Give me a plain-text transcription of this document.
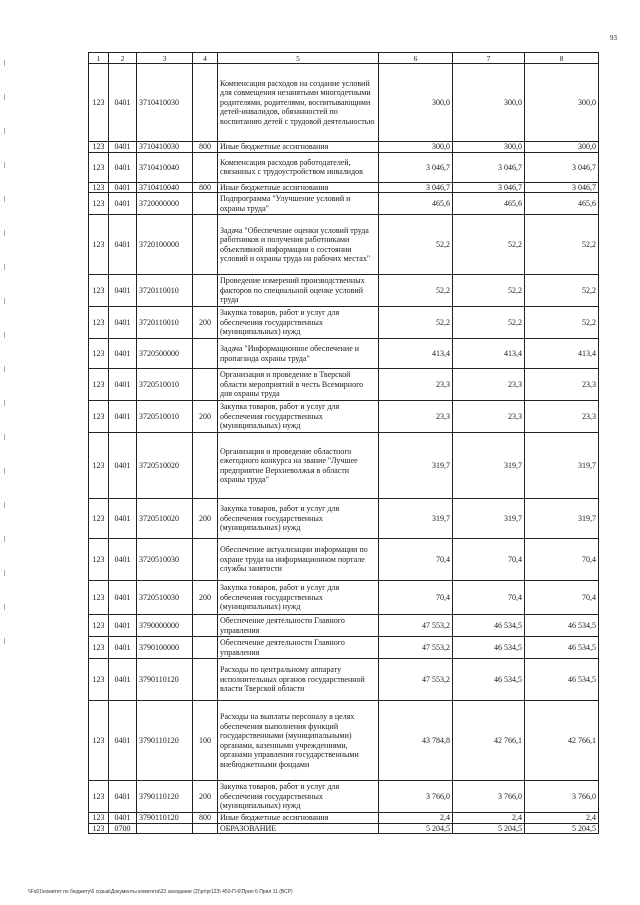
93
1	2	3	4	5	6	7	8
123	0401	3710410030		Компенсация расходов на создание условий для совмещения незанятыми многодетными родителями, родителями, воспитывающими детей-инвалидов, обязанностей по воспитанию детей с трудовой деятельностью	300,0	300,0	300,0
123	0401	3710410030	800	Иные бюджетные ассигнования	300,0	300,0	300,0
123	0401	3710410040		Компенсация расходов работодателей, связанных с трудоустройством инвалидов	3 046,7	3 046,7	3 046,7
123	0401	3710410040	800	Иные бюджетные ассигнования	3 046,7	3 046,7	3 046,7
123	0401	3720000000		Подпрограмма "Улучшение условий и охраны труда"	465,6	465,6	465,6
123	0401	3720100000		Задача "Обеспечение оценки условий труда работников и получения работниками объективной информации о состоянии условий и охраны труда на рабочих местах"	52,2	52,2	52,2
123	0401	3720110010		Проведение измерений производственных факторов по специальной оценке условий труда	52,2	52,2	52,2
123	0401	3720110010	200	Закупка товаров, работ и услуг для обеспечения государственных (муниципальных) нужд	52,2	52,2	52,2
123	0401	3720500000		Задача "Информационное обеспечение и пропаганда охраны труда"	413,4	413,4	413,4
123	0401	3720510010		Организация и проведение в Тверской области мероприятий в честь Всемирного дня охраны труда	23,3	23,3	23,3
123	0401	3720510010	200	Закупка товаров, работ и услуг для обеспечения государственных (муниципальных) нужд	23,3	23,3	23,3
123	0401	3720510020		Организация и проведение областного ежегодного конкурса на звание "Лучшее предприятие Верхневолжья в области охраны труда"	319,7	319,7	319,7
123	0401	3720510020	200	Закупка товаров, работ и услуг для обеспечения государственных (муниципальных) нужд	319,7	319,7	319,7
123	0401	3720510030		Обеспечение актуализации информации по охране труда на информационном портале службы занятости	70,4	70,4	70,4
123	0401	3720510030	200	Закупка товаров, работ и услуг для обеспечения государственных (муниципальных) нужд	70,4	70,4	70,4
123	0401	3790000000		Обеспечение деятельности Главного управления	47 553,2	46 534,5	46 534,5
123	0401	3790100000		Обеспечение деятельности Главного управления	47 553,2	46 534,5	46 534,5
123	0401	3790110120		Расходы по центральному аппарату исполнительных органов государственной власти Тверской области	47 553,2	46 534,5	46 534,5
123	0401	3790110120	100	Расходы на выплаты персоналу в целях обеспечения выполнения функций государственными (муниципальными) органами, казенными учреждениями, органами управления государственными внебюджетными фондами	43 784,8	42 766,1	42 766,1
123	0401	3790110120	200	Закупка товаров, работ и услуг для обеспечения государственных (муниципальных) нужд	3 766,0	3 766,0	3 766,0
123	0401	3790110120	800	Иные бюджетные ассигнования	2,4	2,4	2,4
123	0700			ОБРАЗОВАНИЕ	5 204,5	5 204,5	5 204,5
\\Fs01\комитет по бюджету\6 созыв\Документы комитета\23 заседание (2)\pr\pr123\ 450-П-6\Прил 6 Прил 11 (ВСР)
